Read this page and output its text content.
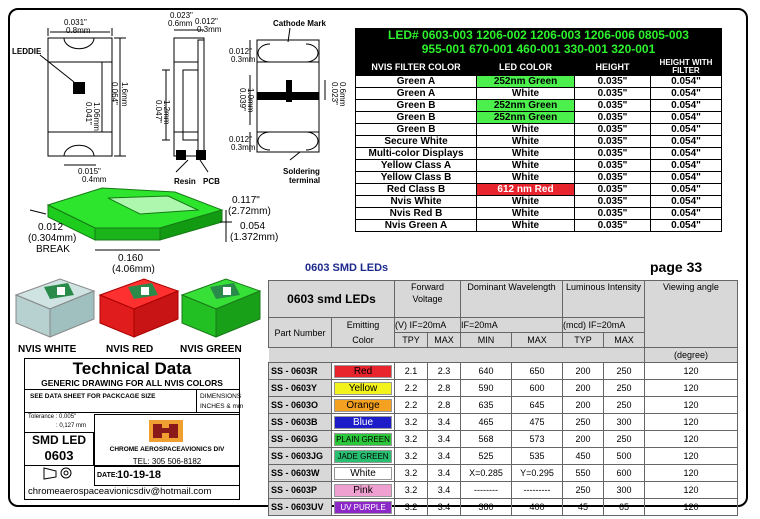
0.031"
0.8mm
0.023"
0.6mm 0.012"
0.3mm
Cathode Mark
LEDDIE
0.064" 1.6mm
0.041" 1.06mm	0.047" 1.2mm
0.012"
0.3mm
0.039" 1.0mm	0.023" 0.6mm
0.012"
0.3mm
0.015"
0.4mm	Resin PCB
Soldering
terminal
0.117"
(2.72mm)
0.012
(0.304mm)
BREAK
0.054
(1.372mm)
0.160
(4.06mm)
LED# 0603-003 1206-002 1206-003 1206-006 0805-003
955-001 670-001 460-001 330-001 320-001
NVIS FILTER COLOR	LED COLOR	HEIGHT	HEIGHT WITH FILTER
Green A	252nm Green	0.035"	0.054"
Green A	White	0.035"	0.054"
Green B	252nm Green	0.035"	0.054"
Green B	252nm Green	0.035"	0.054"
Green B	White	0.035"	0.054"
Secure White	White	0.035"	0.054"
Multi-color Displays	White	0.035"	0.054"
Yellow Class A	White	0.035"	0.054"
Yellow Class B	White	0.035"	0.054"
Red Class B	612 nm Red	0.035"	0.054"
Nvis White	White	0.035"	0.054"
Nvis Red B	White	0.035"	0.054"
Nvis Green A	White	0.035"	0.054"
0603 SMD LEDs	page 33
NVIS WHITE	NVIS RED	NVIS GREEN
Technical Data
GENERIC DRAWING FOR ALL NVIS COLORS
SEE DATA SHEET FOR PACKCAGE SIZE	DIMENSIONS
INCHES & mm
Tolerance : 0.005"
: 0,127 mm
SMD LED
0603	CHROME AEROSPACEAVIONICS DIV
TEL: 305 506-8182
DATE: 10-19-18
chromeaerospaceavionicsdiv@hotmail.com
0603 smd LEDs		Forward Voltage		Dominant Wavelength		Luminous Intensity		Viewing angle

Part Number	Emitting	(V) IF=20mA		IF=20mA		(mcd) IF=20mA		
	Color	TPY	MAX	MIN	MAX	TYP	MAX	
								(degree)
SS - 0603R	Red	2.1	2.3	640	650	200	250	120
SS - 0603Y	Yellow	2.2	2.8	590	600	200	250	120
SS - 0603O	Orange	2.2	2.8	635	645	200	250	120
SS - 0603B	Blue	3.2	3.4	465	475	250	300	120
SS - 0603G	PLAIN GREEN	3.2	3.4	568	573	200	250	120
SS - 0603JG	JADE GREEN	3.2	3.4	525	535	450	500	120
SS - 0603W	White	3.2	3.4	X=0.285	Y=0.295	550	600	120
SS - 0603P	Pink	3.2	3.4	--------	---------	250	300	120
SS - 0603UV	UV PURPLE	3.2	3.4	380	400	45	65	120
